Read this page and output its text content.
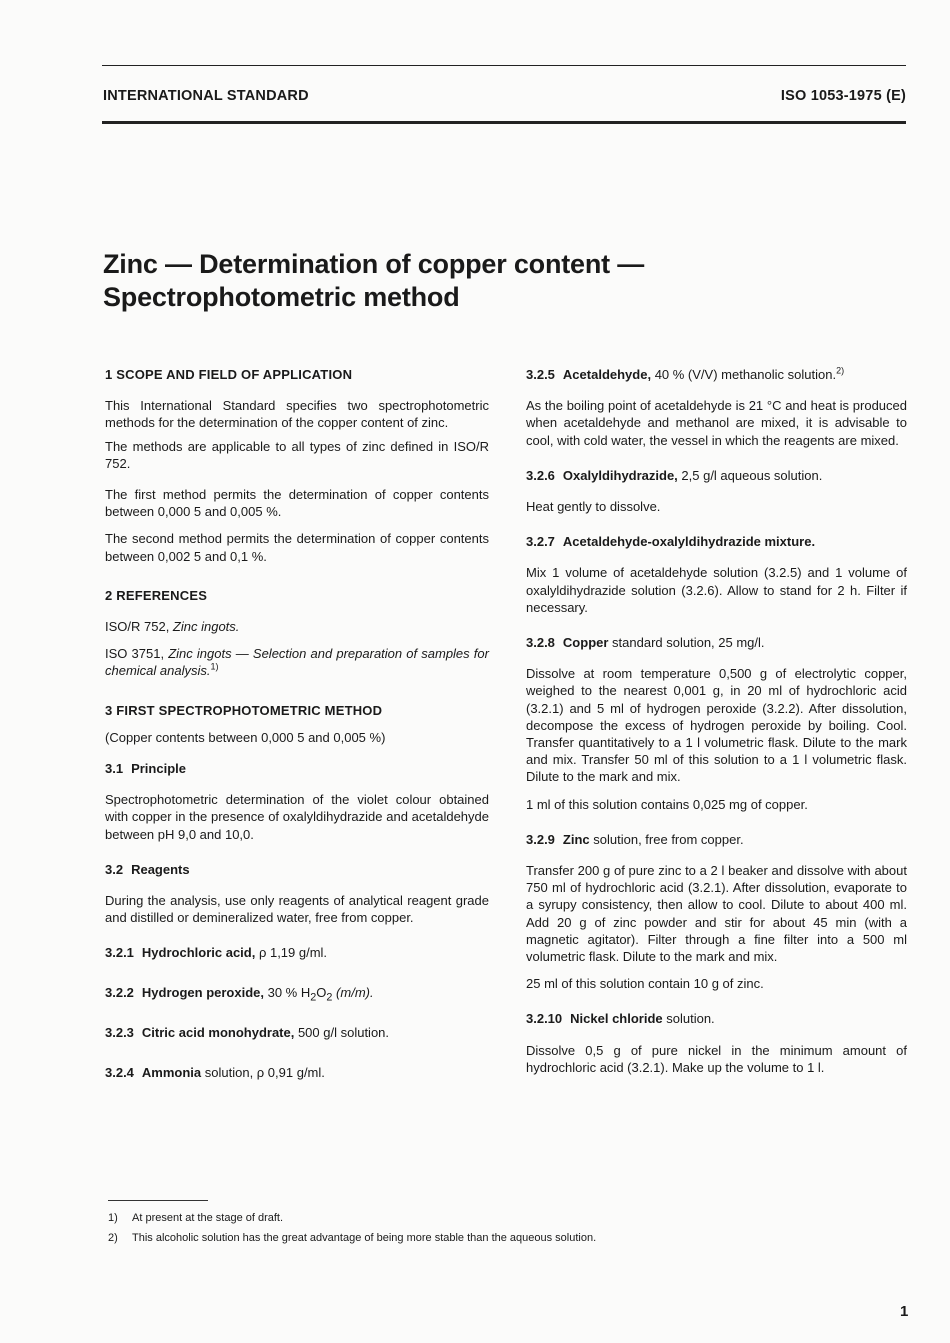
INTERNATIONAL STANDARD	ISO 1053-1975 (E)
Zinc — Determination of copper content —
Spectrophotometric method
1 SCOPE AND FIELD OF APPLICATION

This International Standard specifies two spectrophotometric methods for the determination of the copper content of zinc.

The methods are applicable to all types of zinc defined in ISO/R 752.

The first method permits the determination of copper contents between 0,000 5 and 0,005 %.

The second method permits the determination of copper contents between 0,002 5 and 0,1 %.

2 REFERENCES

ISO/R 752, Zinc ingots.

ISO 3751, Zinc ingots — Selection and preparation of samples for chemical analysis.$^{1)}$

3 FIRST SPECTROPHOTOMETRIC METHOD

(Copper contents between 0,000 5 and 0,005 %)

3.1 Principle

Spectrophotometric determination of the violet colour obtained with copper in the presence of oxalyldihydrazide and acetaldehyde between pH 9,0 and 10,0.

3.2 Reagents

During the analysis, use only reagents of analytical reagent grade and distilled or demineralized water, free from copper.

3.2.1 Hydrochloric acid, ρ 1,19 g/ml.
3.2.2 Hydrogen peroxide, 30 % $H_2O_2$ (m/m).
3.2.3 Citric acid monohydrate, 500 g/l solution.
3.2.4 Ammonia solution, ρ 0,91 g/ml.
3.2.5 Acetaldehyde, 40 % (V/V) methanolic solution.$^{2)}$

As the boiling point of acetaldehyde is 21 °C and heat is produced when acetaldehyde and methanol are mixed, it is advisable to cool, with cold water, the vessel in which the reagents are mixed.

3.2.6 Oxalyldihydrazide, 2,5 g/l aqueous solution.

Heat gently to dissolve.

3.2.7 Acetaldehyde-oxalyldihydrazide mixture.

Mix 1 volume of acetaldehyde solution (3.2.5) and 1 volume of oxalyldihydrazide solution (3.2.6). Allow to stand for 2 h. Filter if necessary.

3.2.8 Copper standard solution, 25 mg/l.

Dissolve at room temperature 0,500 g of electrolytic copper, weighed to the nearest 0,001 g, in 20 ml of hydrochloric acid (3.2.1) and 5 ml of hydrogen peroxide (3.2.2). After dissolution, decompose the excess of hydrogen peroxide by boiling. Cool. Transfer quantitatively to a 1 l volumetric flask. Dilute to the mark and mix. Transfer 50 ml of this solution to a 1 l volumetric flask. Dilute to the mark and mix.

1 ml of this solution contains 0,025 mg of copper.

3.2.9 Zinc solution, free from copper.

Transfer 200 g of pure zinc to a 2 l beaker and dissolve with about 750 ml of hydrochloric acid (3.2.1). After dissolution, evaporate to a syrupy consistency, then allow to cool. Dilute to about 400 ml. Add 20 g of zinc powder and stir for about 45 min (with a magnetic agitator). Filter through a fine filter into a 500 ml volumetric flask. Dilute to the mark and mix.

25 ml of this solution contain 10 g of zinc.

3.2.10 Nickel chloride solution.

Dissolve 0,5 g of pure nickel in the minimum amount of hydrochloric acid (3.2.1). Make up the volume to 1 l.

1) At present at the stage of draft.
2) This alcoholic solution has the great advantage of being more stable than the aqueous solution.
1
